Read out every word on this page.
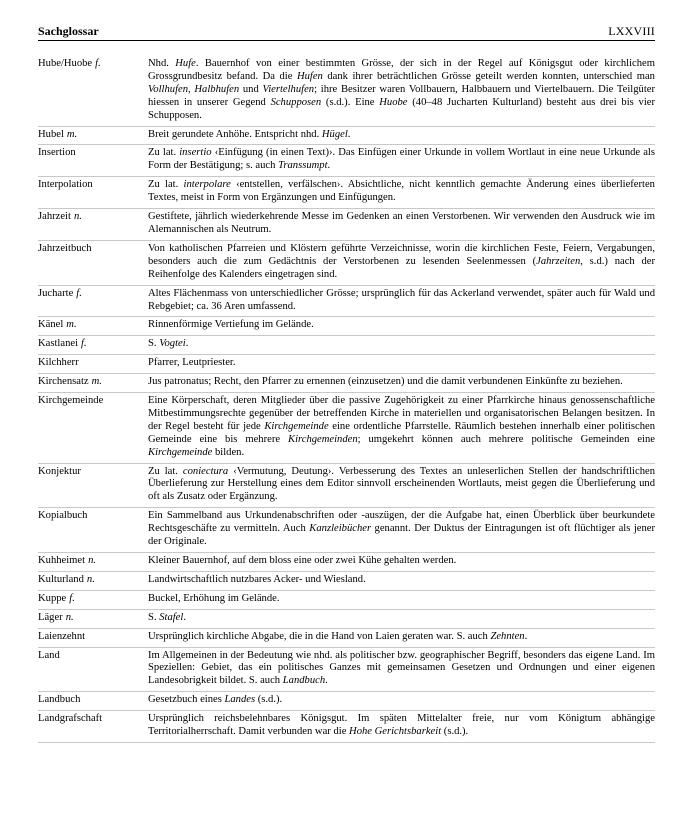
Sachglossar	LXXVIII
Hube/Huobe f.	Nhd. Hufe. Bauernhof von einer bestimmten Grösse, der sich in der Regel auf Königsgut oder kirchlichem Grossgrundbesitz befand. Da die Hufen dank ihrer beträchtlichen Grösse geteilt werden konnten, unterschied man Vollhufen, Halbhufen und Viertelhufen; ihre Besitzer waren Vollbauern, Halbbauern und Viertelbauern. Die Teilgüter hiessen in unserer Gegend Schupposen (s.d.). Eine Huobe (40–48 Jucharten Kulturland) besteht aus drei bis vier Schupposen.
Hubel m.	Breit gerundete Anhöhe. Entspricht nhd. Hügel.
Insertion	Zu lat. insertio ‹Einfügung (in einen Text)›. Das Einfügen einer Urkunde in vollem Wortlaut in eine neue Urkunde als Form der Bestätigung; s. auch Transsumpt.
Interpolation	Zu lat. interpolare ‹entstellen, verfälschen›. Absichtliche, nicht kenntlich gemachte Änderung eines überlieferten Textes, meist in Form von Ergänzungen und Einfügungen.
Jahrzeit n.	Gestiftete, jährlich wiederkehrende Messe im Gedenken an einen Verstorbenen. Wir verwenden den Ausdruck wie im Alemannischen als Neutrum.
Jahrzeitbuch	Von katholischen Pfarreien und Klöstern geführte Verzeichnisse, worin die kirchlichen Feste, Feiern, Vergabungen, besonders auch die zum Gedächtnis der Verstorbenen zu lesenden Seelenmessen (Jahrzeiten, s.d.) nach der Reihenfolge des Kalenders eingetragen sind.
Jucharte f.	Altes Flächenmass von unterschiedlicher Grösse; ursprünglich für das Ackerland verwendet, später auch für Wald und Rebgebiet; ca. 36 Aren umfassend.
Känel m.	Rinnenförmige Vertiefung im Gelände.
Kastlanei f.	S. Vogtei.
Kilchherr	Pfarrer, Leutpriester.
Kirchensatz m.	Jus patronatus; Recht, den Pfarrer zu ernennen (einzusetzen) und die damit verbundenen Einkünfte zu beziehen.
Kirchgemeinde	Eine Körperschaft, deren Mitglieder über die passive Zugehörigkeit zu einer Pfarrkirche hinaus genossenschaftliche Mitbestimmungsrechte gegenüber der betreffenden Kirche in materiellen und organisatorischen Belangen besitzen. In der Regel besteht für jede Kirchgemeinde eine ordentliche Pfarrstelle. Räumlich bestehen innerhalb einer politischen Gemeinde eine bis mehrere Kirchgemeinden; umgekehrt können auch mehrere politische Gemeinden eine Kirchgemeinde bilden.
Konjektur	Zu lat. coniectura ‹Vermutung, Deutung›. Verbesserung des Textes an unleserlichen Stellen der handschriftlichen Überlieferung zur Herstellung eines dem Editor sinnvoll erscheinenden Wortlauts, meist gegen die Überlieferung und oft als Zusatz oder Ergänzung.
Kopialbuch	Ein Sammelband aus Urkundenabschriften oder -auszügen, der die Aufgabe hat, einen Überblick über beurkundete Rechtsgeschäfte zu vermitteln. Auch Kanzleibücher genannt. Der Duktus der Eintragungen ist oft flüchtiger als jener der Originale.
Kuhheimet n.	Kleiner Bauernhof, auf dem bloss eine oder zwei Kühe gehalten werden.
Kulturland n.	Landwirtschaftlich nutzbares Acker- und Wiesland.
Kuppe f.	Buckel, Erhöhung im Gelände.
Läger n.	S. Stafel.
Laienzehnt	Ursprünglich kirchliche Abgabe, die in die Hand von Laien geraten war. S. auch Zehnten.
Land	Im Allgemeinen in der Bedeutung wie nhd. als politischer bzw. geographischer Begriff, besonders das eigene Land. Im Speziellen: Gebiet, das ein politisches Ganzes mit gemeinsamen Gesetzen und Ordnungen und einer eigenen Landesobrigkeit bildet. S. auch Landbuch.
Landbuch	Gesetzbuch eines Landes (s.d.).
Landgrafschaft	Ursprünglich reichsbelehnbares Königsgut. Im späten Mittelalter freie, nur vom Königtum abhängige Territorialherrschaft. Damit verbunden war die Hohe Gerichtsbarkeit (s.d.).
